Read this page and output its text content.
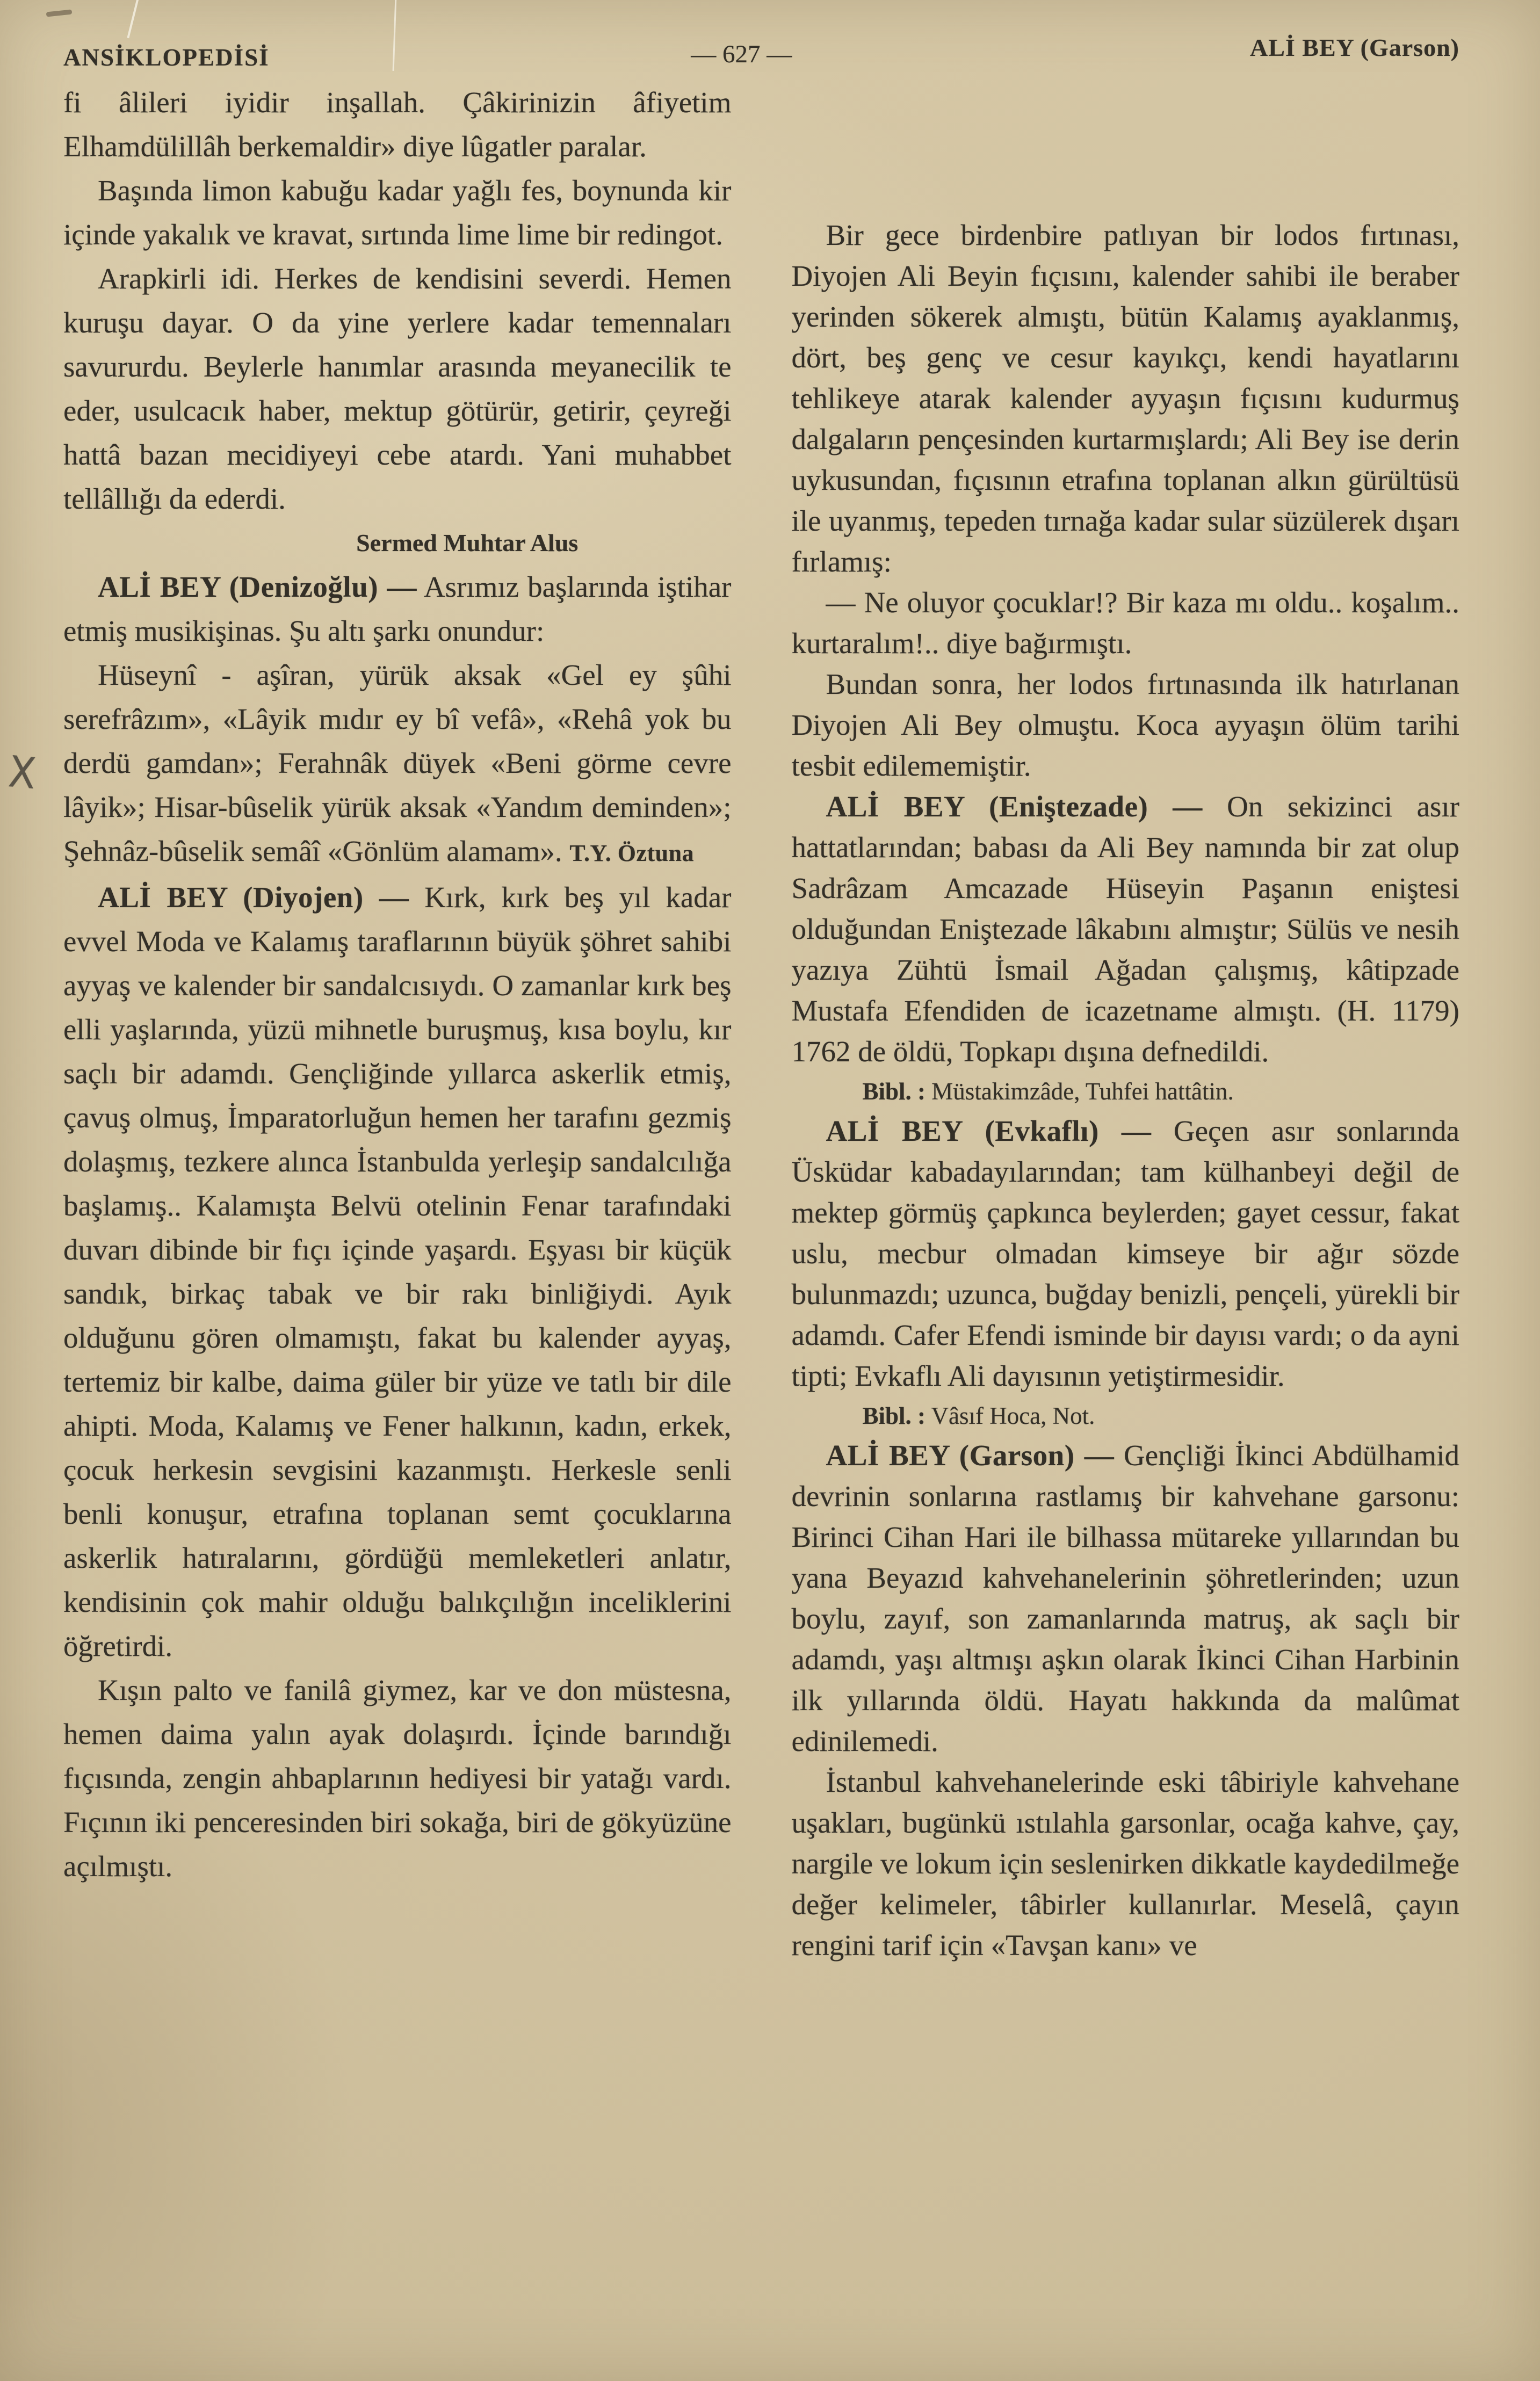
X
ANSİKLOPEDİSİ	— 627 —	ALİ BEY (Garson)

fi âlileri iyidir inşallah. Çâkirinizin âfiyetim Elhamdülillâh berkemaldir» diye lûgatler paralar.

Başında limon kabuğu kadar yağlı fes, boynunda kir içinde yakalık ve kravat, sırtında lime lime bir redingot.

Arapkirli idi. Herkes de kendisini severdi. Hemen kuruşu dayar. O da yine yerlere kadar temennaları savururdu. Beylerle hanımlar arasında meyanecilik te eder, usulcacık haber, mektup götürür, getirir, çeyreği hattâ bazan mecidiyeyi cebe atardı. Yani muhabbet tellâllığı da ederdi.

Sermed Muhtar Alus

ALİ BEY (Denizoğlu) — Asrımız başlarında iştihar etmiş musikişinas. Şu altı şarkı onundur:

Hüseynî - aşîran, yürük aksak «Gel ey şûhi serefrâzım», «Lâyik mıdır ey bî vefâ», «Rehâ yok bu derdü gamdan»; Ferahnâk düyek «Beni görme cevre lâyik»; Hisar-bûselik yürük aksak «Yandım deminden»; Şehnâz-bûselik semâî «Gönlüm alamam». T.Y. Öztuna

ALİ BEY (Diyojen) — Kırk, kırk beş yıl kadar evvel Moda ve Kalamış taraflarının büyük şöhret sahibi ayyaş ve kalender bir sandalcısıydı. O zamanlar kırk beş elli yaşlarında, yüzü mihnetle buruşmuş, kısa boylu, kır saçlı bir adamdı. Gençliğinde yıllarca askerlik etmiş, çavuş olmuş, İmparatorluğun hemen her tarafını gezmiş dolaşmış, tezkere alınca İstanbulda yerleşip sandalcılığa başlamış.. Kalamışta Belvü otelinin Fenar tarafındaki duvarı dibinde bir fıçı içinde yaşardı. Eşyası bir küçük sandık, birkaç tabak ve bir rakı binliğiydi. Ayık olduğunu gören olmamıştı, fakat bu kalender ayyaş, tertemiz bir kalbe, daima güler bir yüze ve tatlı bir dile ahipti. Moda, Kalamış ve Fener halkının, kadın, erkek, çocuk herkesin sevgisini kazanmıştı. Herkesle senli benli konuşur, etrafına toplanan semt çocuklarına askerlik hatıralarını, gördüğü memleketleri anlatır, kendisinin çok mahir olduğu balıkçılığın inceliklerini öğretirdi.

Kışın palto ve fanilâ giymez, kar ve don müstesna, hemen daima yalın ayak dolaşırdı. İçinde barındığı fıçısında, zengin ahbaplarının hediyesi bir yatağı vardı. Fıçının iki penceresinden biri sokağa, biri de gökyüzüne açılmıştı.

Bir gece birdenbire patlıyan bir lodos fırtınası, Diyojen Ali Beyin fıçısını, kalender sahibi ile beraber yerinden sökerek almıştı, bütün Kalamış ayaklanmış, dört, beş genç ve cesur kayıkçı, kendi hayatlarını tehlikeye atarak kalender ayyaşın fıçısını kudurmuş dalgaların pençesinden kurtarmışlardı; Ali Bey ise derin uykusundan, fıçısının etrafına toplanan alkın gürültüsü ile uyanmış, tepeden tırnağa kadar sular süzülerek dışarı fırlamış:

— Ne oluyor çocuklar!? Bir kaza mı oldu.. koşalım.. kurtaralım!.. diye bağırmıştı.

Bundan sonra, her lodos fırtınasında ilk hatırlanan Diyojen Ali Bey olmuştu. Koca ayyaşın ölüm tarihi tesbit edilememiştir.

ALİ BEY (Eniştezade) — On sekizinci asır hattatlarından; babası da Ali Bey namında bir zat olup Sadrâzam Amcazade Hüseyin Paşanın eniştesi olduğundan Eniştezade lâkabını almıştır; Sülüs ve nesih yazıya Zühtü İsmail Ağadan çalışmış, kâtipzade Mustafa Efendiden de icazetname almıştı. (H. 1179) 1762 de öldü, Topkapı dışına defnedildi.

Bibl. : Müstakimzâde, Tuhfei hattâtin.

ALİ BEY (Evkaflı) — Geçen asır sonlarında Üsküdar kabadayılarından; tam külhanbeyi değil de mektep görmüş çapkınca beylerden; gayet cessur, fakat uslu, mecbur olmadan kimseye bir ağır sözde bulunmazdı; uzunca, buğday benizli, pençeli, yürekli bir adamdı. Cafer Efendi isminde bir dayısı vardı; o da ayni tipti; Evkaflı Ali dayısının yetiştirmesidir.

Bibl. : Vâsıf Hoca, Not.

ALİ BEY (Garson) — Gençliği İkinci Abdülhamid devrinin sonlarına rastlamış bir kahvehane garsonu: Birinci Cihan Hari ile bilhassa mütareke yıllarından bu yana Beyazıd kahvehanelerinin şöhretlerinden; uzun boylu, zayıf, son zamanlarında matruş, ak saçlı bir adamdı, yaşı altmışı aşkın olarak İkinci Cihan Harbinin ilk yıllarında öldü. Hayatı hakkında da malûmat edinilemedi.

İstanbul kahvehanelerinde eski tâbiriyle kahvehane uşakları, bugünkü ıstılahla garsonlar, ocağa kahve, çay, nargile ve lokum için seslenirken dikkatle kaydedilmeğe değer kelimeler, tâbirler kullanırlar. Meselâ, çayın rengini tarif için «Tavşan kanı» ve
